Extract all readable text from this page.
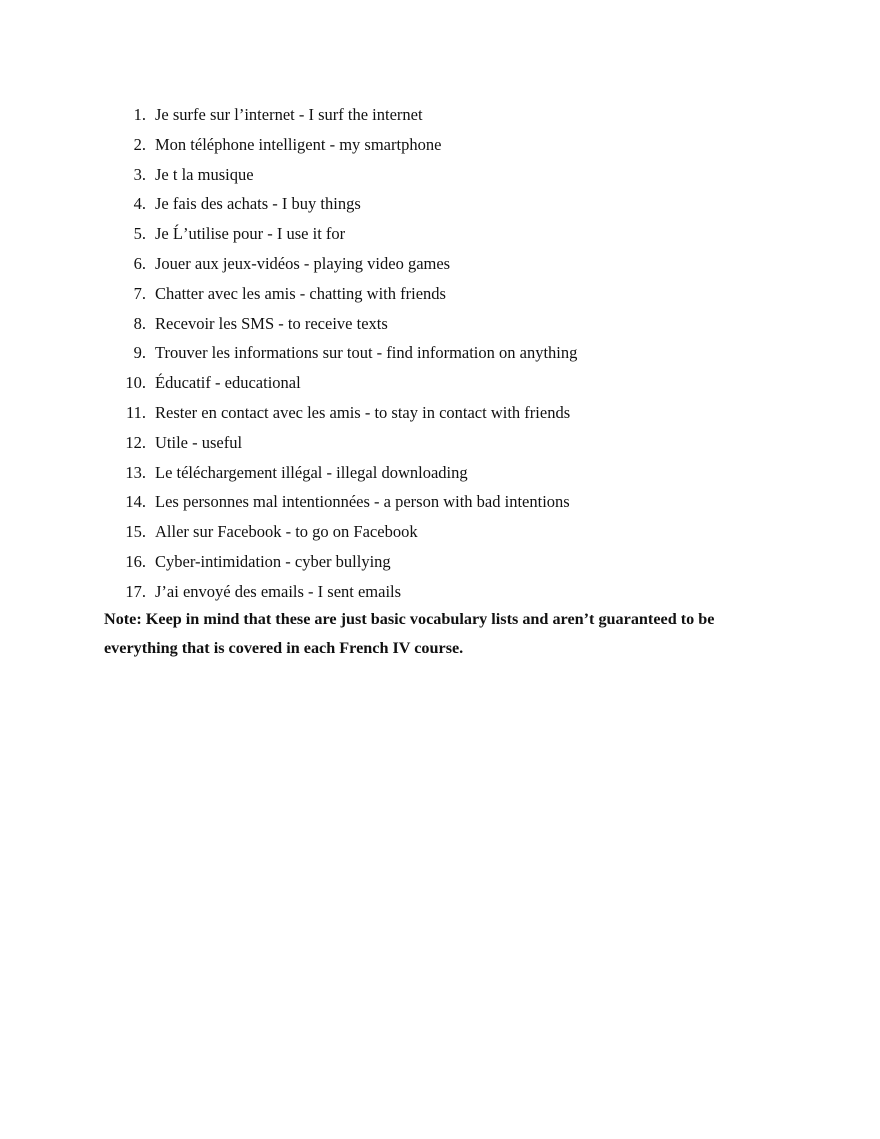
1. Je surfe sur l’internet - I surf the internet
2. Mon téléphone intelligent - my smartphone
3. Je t la musique
4. Je fais des achats - I buy things
5. Je Ĺ’utilise pour - I use it for
6. Jouer aux jeux-vidéos - playing video games
7. Chatter avec les amis - chatting with friends
8. Recevoir les SMS - to receive texts
9. Trouver les informations sur tout - find information on anything
10. Éducatif - educational
11. Rester en contact avec les amis - to stay in contact with friends
12. Utile - useful
13. Le téléchargement illégal - illegal downloading
14. Les personnes mal intentionnées - a person with bad intentions
15. Aller sur Facebook - to go on Facebook
16. Cyber-intimidation - cyber bullying
17. J’ai envoyé des emails - I sent emails

Note: Keep in mind that these are just basic vocabulary lists and aren’t guaranteed to be everything that is covered in each French IV course.
